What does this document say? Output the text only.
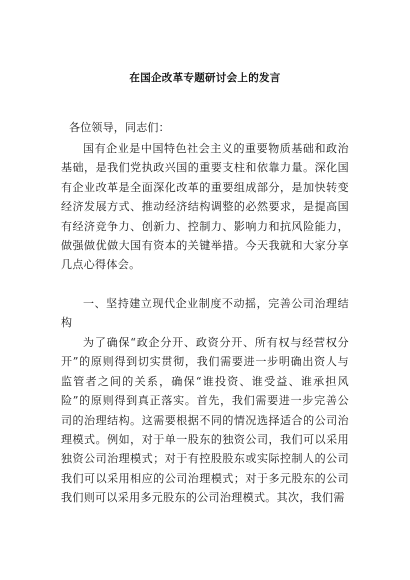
在国企改革专题研讨会上的发言
各位领导，同志们：

国有企业是中国特色社会主义的重要物质基础和政治基础，是我们党执政兴国的重要支柱和依靠力量。深化国有企业改革是全面深化改革的重要组成部分，是加快转变经济发展方式、推动经济结构调整的必然要求，是提高国有经济竞争力、创新力、控制力、影响力和抗风险能力，做强做优做大国有资本的关键举措。今天我就和大家分享几点心得体会。

一、坚持建立现代企业制度不动摇，完善公司治理结构

为了确保“政企分开、政资分开、所有权与经营权分开”的原则得到切实贯彻，我们需要进一步明确出资人与监管者之间的关系，确保“谁投资、谁受益、谁承担风险”的原则得到真正落实。首先，我们需要进一步完善公司的治理结构。这需要根据不同的情况选择适合的公司治理模式。例如，对于单一股东的独资公司，我们可以采用独资公司治理模式；对于有控股股东或实际控制人的公司我们可以采用相应的公司治理模式；对于多元股东的公司我们则可以采用多元股东的公司治理模式。其次，我们需
